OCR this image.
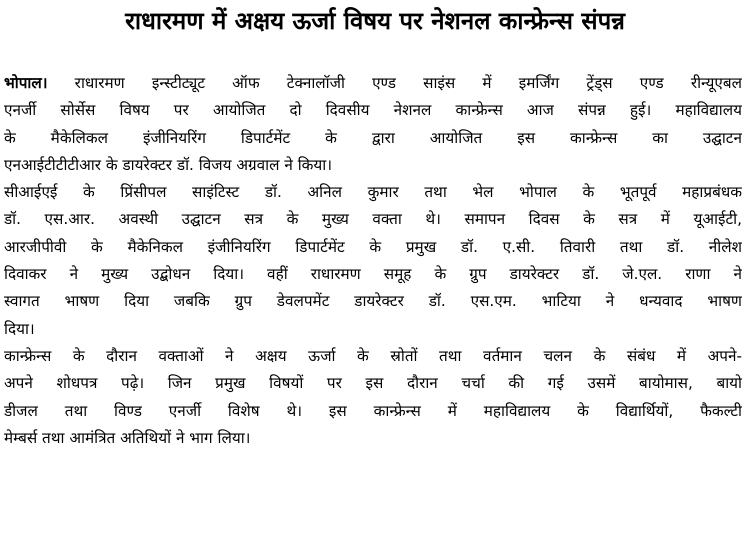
राधारमण में अक्षय ऊर्जा विषय पर नेशनल कान्फ्रेन्स संपन्न
भोपाल। राधारमण इन्स्टीट्यूट ऑफ टेक्नालॉजी एण्ड साइंस में इमर्जिंग ट्रेंड्स एण्ड रीन्यूएबल
एनर्जी सोर्सेस विषय पर आयोजित दो दिवसीय नेशनल कान्फ्रेन्स आज संपन्न हुई। महाविद्यालय
के मैकेलिकल इंजीनियरिंग डिपार्टमेंट के द्वारा आयोजित इस कान्फ्रेन्स का उद्घाटन
एनआईटीटीटीआर के डायरेक्टर डॉ. विजय अग्रवाल ने किया।
सीआईएई के प्रिंसीपल साइंटिस्ट डॉ. अनिल कुमार तथा भेल भोपाल के भूतपूर्व महाप्रबंधक
डॉ. एस.आर. अवस्थी उद्घाटन सत्र के मुख्य वक्ता थे। समापन दिवस के सत्र में यूआईटी,
आरजीपीवी के मैकेनिकल इंजीनियरिंग डिपार्टमेंट के प्रमुख डॉ. ए.सी. तिवारी तथा डॉ. नीलेश
दिवाकर ने मुख्य उद्बोधन दिया। वहीं राधारमण समूह के ग्रुप डायरेक्टर डॉ. जे.एल. राणा ने
स्वागत भाषण दिया जबकि ग्रुप डेवलपमेंट डायरेक्टर डॉ. एस.एम. भाटिया ने धन्यवाद भाषण
दिया।
कान्फ्रेन्स के दौरान वक्ताओं ने अक्षय ऊर्जा के स्रोतों तथा वर्तमान चलन के संबंध में अपने-
अपने शोधपत्र पढ़े। जिन प्रमुख विषयों पर इस दौरान चर्चा की गई उसमें बायोमास, बायो
डीजल तथा विण्ड एनर्जी विशेष थे। इस कान्फ्रेन्स में महाविद्यालय के विद्यार्थियों, फैकल्टी
मेम्बर्स तथा आमंत्रित अतिथियों ने भाग लिया।
